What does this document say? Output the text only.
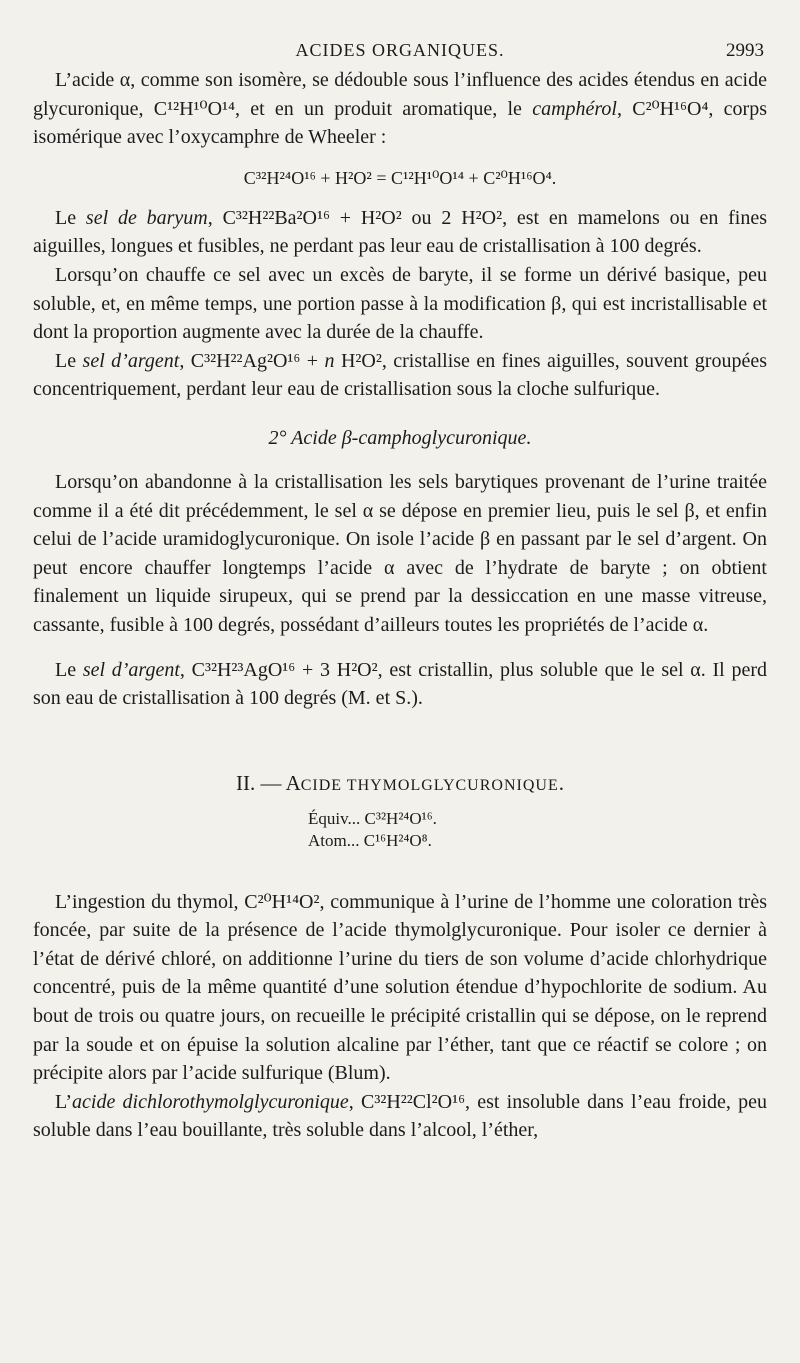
ACIDES ORGANIQUES.	2993

L’acide α, comme son isomère, se dédouble sous l’influence des acides étendus en acide glycuronique, C¹²H¹⁰O¹⁴, et en un produit aromatique, le camphérol, C²⁰H¹⁶O⁴, corps isomérique avec l’oxycamphre de Wheeler :

C³²H²⁴O¹⁶ + H²O² = C¹²H¹⁰O¹⁴ + C²⁰H¹⁶O⁴.

Le sel de baryum, C³²H²²Ba²O¹⁶ + H²O² ou 2 H²O², est en mamelons ou en fines aiguilles, longues et fusibles, ne perdant pas leur eau de cristallisation à 100 degrés.

Lorsqu’on chauffe ce sel avec un excès de baryte, il se forme un dérivé basique, peu soluble, et, en même temps, une portion passe à la modification β, qui est incristallisable et dont la proportion augmente avec la durée de la chauffe.

Le sel d’argent, C³²H²²Ag²O¹⁶ + n H²O², cristallise en fines aiguilles, souvent groupées concentriquement, perdant leur eau de cristallisation sous la cloche sulfurique.

2° Acide β-camphoglycuronique.

Lorsqu’on abandonne à la cristallisation les sels barytiques provenant de l’urine traitée comme il a été dit précédemment, le sel α se dépose en premier lieu, puis le sel β, et enfin celui de l’acide uramidoglycuronique. On isole l’acide β en passant par le sel d’argent. On peut encore chauffer longtemps l’acide α avec de l’hydrate de baryte ; on obtient finalement un liquide sirupeux, qui se prend par la dessiccation en une masse vitreuse, cassante, fusible à 100 degrés, possédant d’ailleurs toutes les propriétés de l’acide α.

Le sel d’argent, C³²H²³AgO¹⁶ + 3 H²O², est cristallin, plus soluble que le sel α. Il perd son eau de cristallisation à 100 degrés (M. et S.).

II. — ACIDE THYMOLGLYCURONIQUE.
Équiv... C³²H²⁴O¹⁶.
Atom... C¹⁶H²⁴O⁸.

L’ingestion du thymol, C²⁰H¹⁴O², communique à l’urine de l’homme une coloration très foncée, par suite de la présence de l’acide thymolglycuronique. Pour isoler ce dernier à l’état de dérivé chloré, on additionne l’urine du tiers de son volume d’acide chlorhydrique concentré, puis de la même quantité d’une solution étendue d’hypochlorite de sodium. Au bout de trois ou quatre jours, on recueille le précipité cristallin qui se dépose, on le reprend par la soude et on épuise la solution alcaline par l’éther, tant que ce réactif se colore ; on précipite alors par l’acide sulfurique (Blum).

L’acide dichlorothymolglycuronique, C³²H²²Cl²O¹⁶, est insoluble dans l’eau froide, peu soluble dans l’eau bouillante, très soluble dans l’alcool, l’éther,
